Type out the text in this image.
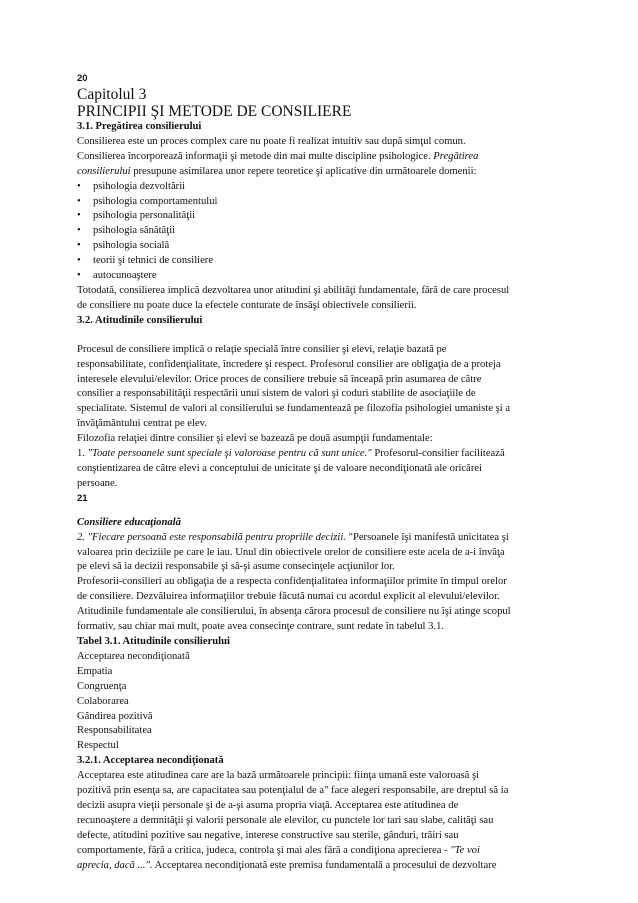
20
Capitolul 3
PRINCIPII ŞI METODE DE CONSILIERE
3.1. Pregătirea consilierului
Consilierea este un proces complex care nu poate fi realizat intuitiv sau după simţul comun.
Consilierea încorporează informaţii şi metode din mai multe discipline psihologice. Pregătirea
consilierului presupune asimilarea unor repere teoretice şi aplicative din următoarele domenii:
•	psihologia dezvoltării
•	psihologia comportamentului
•	psihologia personalităţii
•	psihologia sănătăţii
•	psihologia socială
•	teorii şi tehnici de consiliere
•	autocunoaştere
Totodată, consilierea implică dezvoltarea unor atitudini şi abilităţi fundamentale, fără de care procesul
de consiliere nu poate duce la efectele conturate de însăşi obiectivele consilierii.
3.2. Atitudinile consilierului
Procesul de consiliere implică o relaţie specială între consilier şi elevi, relaţie bazată pe
responsabilitate, confidenţialitate, încredere şi respect. Profesorul consilier are obligaţia de a proteja
interesele elevului/elevilor. Orice proces de consiliere trebuie să înceapă prin asumarea de către
consilier a responsabilităţii respectării unui sistem de valori şi coduri stabilite de asociaţiile de
specialitate. Sistemul de valori al consilierului se fundamentează pe filozofia psihologiei umaniste şi a
învăţământului centrat pe elev.
Filozofia relaţiei dintre consilier şi elevi se bazează pe două asumpţii fundamentale:
1. "Toate persoanele sunt speciale şi valoroase pentru că sunt unice." Profesorul-consilier facilitează
conştientizarea de către elevi a conceptului de unicitate şi de valoare necondiţionată ale oricărei
persoane.
21
Consiliere educaţională
2. "Fiecare persoană este responsabilă pentru propriile decizii. "Persoanele îşi manifestă unicitatea şi
valoarea prin deciziile pe care le iau. Unul din obiectivele orelor de consiliere este acela de a-i învăţa
pe elevi să ia decizii responsabile şi să-şi asume consecinţele acţiunilor lor.
Profesorii-consilieri au obligaţia de a respecta confidenţialitatea informaţiilor primite în timpul orelor
de consiliere. Dezvăluirea informaţiilor trebuie făcută numai cu acordul explicit al elevului/elevilor.
Atitudinile fundamentale ale consilierului, în absenţa cărora procesul de consiliere nu îşi atinge scopul
formativ, sau chiar mai mult, poate avea consecinţe contrare, sunt redate în tabelul 3.1.
Tabel 3.1. Atitudinile consilierului
Acceptarea necondiţionată
Empatia
Congruenţa
Colaborarea
Gândirea pozitivă
Responsabilitatea
Respectul
3.2.1. Acceptarea necondiţionată
Acceptarea este atitudinea care are la bază următoarele principii: fiinţa umană este valoroasă şi
pozitivă prin esenţa sa, are capacitatea sau potenţialul de a" face alegeri responsabile, are dreptul să ia
decizii asupra vieţii personale şi de a-şi asuma propria viaţă. Acceptarea este atitudinea de
recunoaştere a demnităţii şi valorii personale ale elevilor, cu punctele lor tari sau slabe, calităţi sau
defecte, atitudini pozitive sau negative, interese constructive sau sterile, gânduri, trăiri sau
comportamente, fără a critica, judeca, controla şi mai ales fără a condiţiona aprecierea - "Te voi
aprecia, dacă ...". Acceptarea necondiţionată este premisa fundamentală a procesului de dezvoltare
